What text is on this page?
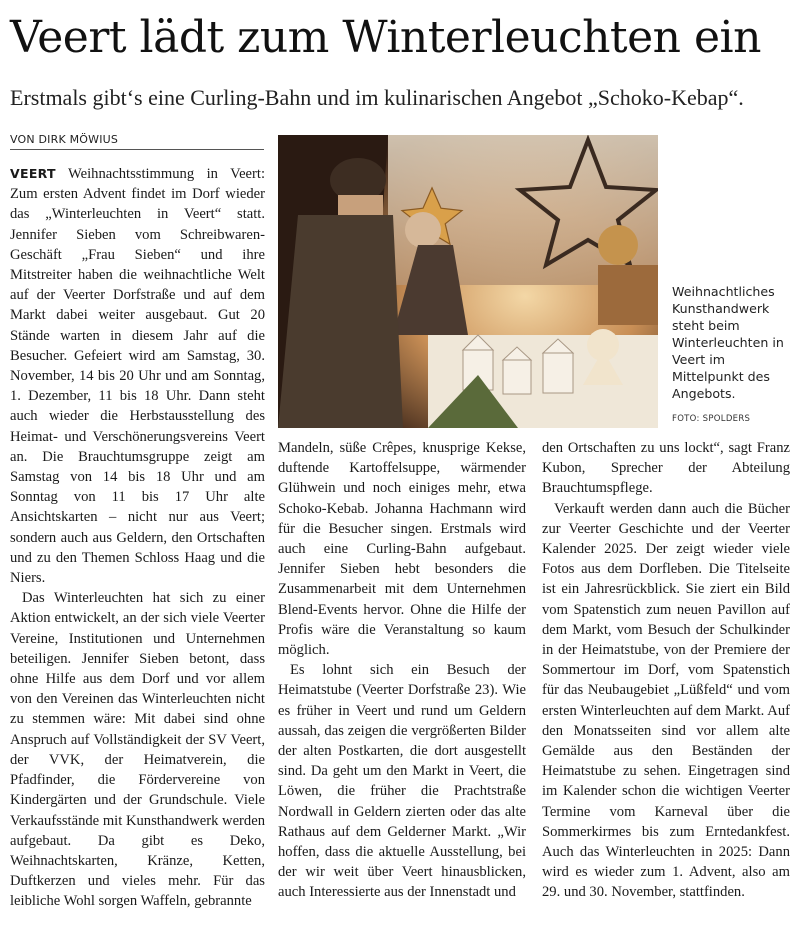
Veert lädt zum Winterleuchten ein

Erstmals gibt‘s eine Curling-Bahn und im kulinarischen Angebot „Schoko-Kebap“.

VON DIRK MÖWIUS

VEERT Weihnachtsstimmung in Veert: Zum ersten Advent findet im Dorf wieder das „Winterleuchten in Veert“ statt. Jennifer Sieben vom Schreibwaren-Geschäft „Frau Sieben“ und ihre Mitstreiter haben die weihnachtliche Welt auf der Veerter Dorfstraße und auf dem Markt dabei weiter ausgebaut. Gut 20 Stände warten in diesem Jahr auf die Besucher. Gefeiert wird am Samstag, 30. November, 14 bis 20 Uhr und am Sonntag, 1. Dezember, 11 bis 18 Uhr. Dann steht auch wieder die Herbstausstellung des Heimat- und Verschönerungsvereins Veert an. Die Brauchtumsgruppe zeigt am Samstag von 14 bis 18 Uhr und am Sonntag von 11 bis 17 Uhr alte Ansichtskarten – nicht nur aus Veert; sondern auch aus Geldern, den Ortschaften und zu den Themen Schloss Haag und die Niers.

Das Winterleuchten hat sich zu einer Aktion entwickelt, an der sich viele Veerter Vereine, Institutionen und Unternehmen beteiligen. Jennifer Sieben betont, dass ohne Hilfe aus dem Dorf und vor allem von den Vereinen das Winterleuchten nicht zu stemmen wäre: Mit dabei sind ohne Anspruch auf Vollständigkeit der SV Veert, der VVK, der Heimatverein, die Pfadfinder, die Fördervereine von Kindergärten und der Grundschule. Viele Verkaufsstände mit Kunsthandwerk werden aufgebaut. Da gibt es Deko, Weihnachtskarten, Kränze, Ketten, Duftkerzen und vieles mehr. Für das leibliche Wohl sorgen Waffeln, gebrannte

Weihnachtliches Kunsthandwerk steht beim Winterleuchten in Veert im Mittelpunkt des Angebots.

FOTO: SPOLDERS

Mandeln, süße Crêpes, knusprige Kekse, duftende Kartoffelsuppe, wärmender Glühwein und noch einiges mehr, etwa Schoko-Kebab. Johanna Hachmann wird für die Besucher singen. Erstmals wird auch eine Curling-Bahn aufgebaut. Jennifer Sieben hebt besonders die Zusammenarbeit mit dem Unternehmen Blend-Events hervor. Ohne die Hilfe der Profis wäre die Veranstaltung so kaum möglich.

Es lohnt sich ein Besuch der Heimatstube (Veerter Dorfstraße 23). Wie es früher in Veert und rund um Geldern aussah, das zeigen die vergrößerten Bilder der alten Postkarten, die dort ausgestellt sind. Da geht um den Markt in Veert, die Löwen, die früher die Prachtstraße Nordwall in Geldern zierten oder das alte Rathaus auf dem Gelderner Markt. „Wir hoffen, dass die aktuelle Ausstellung, bei der wir weit über Veert hinausblicken, auch Interessierte aus der Innenstadt und

den Ortschaften zu uns lockt“, sagt Franz Kubon, Sprecher der Abteilung Brauchtumspflege.

Verkauft werden dann auch die Bücher zur Veerter Geschichte und der Veerter Kalender 2025. Der zeigt wieder viele Fotos aus dem Dorfleben. Die Titelseite ist ein Jahresrückblick. Sie ziert ein Bild vom Spatenstich zum neuen Pavillon auf dem Markt, vom Besuch der Schulkinder in der Heimatstube, von der Premiere der Sommertour im Dorf, vom Spatenstich für das Neubaugebiet „Lüßfeld“ und vom ersten Winterleuchten auf dem Markt. Auf den Monatsseiten sind vor allem alte Gemälde aus den Beständen der Heimatstube zu sehen. Eingetragen sind im Kalender schon die wichtigen Veerter Termine vom Karneval über die Sommerkirmes bis zum Erntedankfest. Auch das Winterleuchten in 2025: Dann wird es wieder zum 1. Advent, also am 29. und 30. November, stattfinden.
